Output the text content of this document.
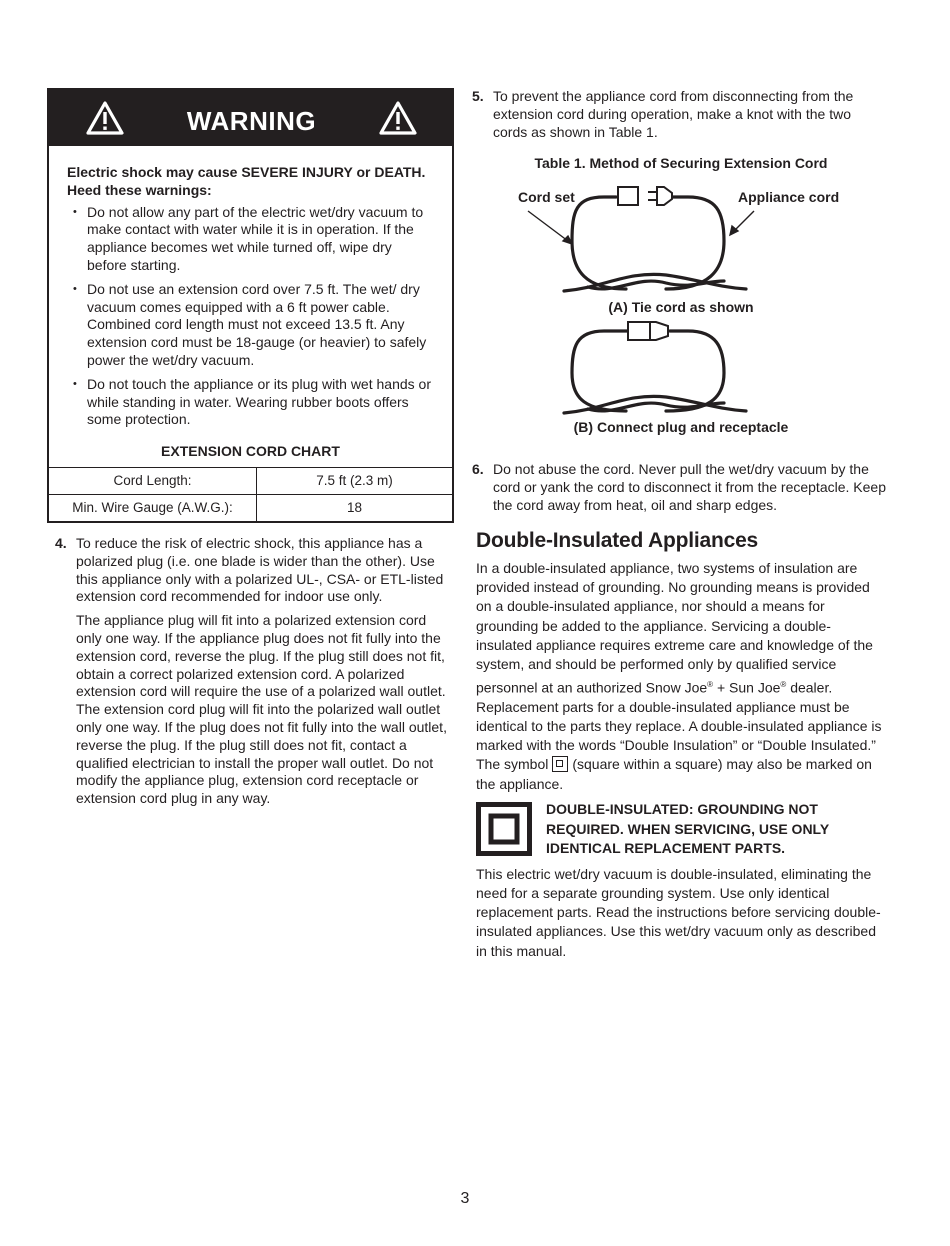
WARNING

Electric shock may cause SEVERE INJURY or DEATH. Heed these warnings:

• Do not allow any part of the electric wet/dry vacuum to make contact with water while it is in operation. If the appliance becomes wet while turned off, wipe dry before starting.
• Do not use an extension cord over 7.5 ft. The wet/ dry vacuum comes equipped with a 6 ft power cable. Combined cord length must not exceed 13.5 ft. Any extension cord must be 18-gauge (or heavier) to safely power the wet/dry vacuum.
• Do not touch the appliance or its plug with wet hands or while standing in water. Wearing rubber boots offers some protection.
EXTENSION CORD CHART
Cord Length:	7.5 ft (2.3 m)
Min. Wire Gauge (A.W.G.):	18
4. To reduce the risk of electric shock, this appliance has a polarized plug (i.e. one blade is wider than the other). Use this appliance only with a polarized UL-, CSA- or ETL-listed extension cord recommended for indoor use only.

The appliance plug will fit into a polarized extension cord only one way. If the appliance plug does not fit fully into the extension cord, reverse the plug. If the plug still does not fit, obtain a correct polarized extension cord. A polarized extension cord will require the use of a polarized wall outlet. The extension cord plug will fit into the polarized wall outlet only one way. If the plug does not fit fully into the wall outlet, reverse the plug. If the plug still does not fit, contact a qualified electrician to install the proper wall outlet. Do not modify the appliance plug, extension cord receptacle or extension cord plug in any way.

5. To prevent the appliance cord from disconnecting from the extension cord during operation, make a knot with the two cords as shown in Table 1.

Table 1. Method of Securing Extension Cord
Cord set	Appliance cord
(A) Tie cord as shown
(B) Connect plug and receptacle
6. Do not abuse the cord. Never pull the wet/dry vacuum by the cord or yank the cord to disconnect it from the receptacle. Keep the cord away from heat, oil and sharp edges.

Double-Insulated Appliances

In a double-insulated appliance, two systems of insulation are provided instead of grounding. No grounding means is provided on a double-insulated appliance, nor should a means for grounding be added to the appliance. Servicing a double-insulated appliance requires extreme care and knowledge of the system, and should be performed only by qualified service personnel at an authorized Snow Joe® + Sun Joe® dealer. Replacement parts for a double-insulated appliance must be identical to the parts they replace. A double-insulated appliance is marked with the words “Double Insulation” or “Double Insulated.” The symbol (square within a square) may also be marked on the appliance.

DOUBLE-INSULATED: GROUNDING NOT REQUIRED. WHEN SERVICING, USE ONLY IDENTICAL REPLACEMENT PARTS.

This electric wet/dry vacuum is double-insulated, eliminating the need for a separate grounding system. Use only identical replacement parts. Read the instructions before servicing double-insulated appliances. Use this wet/dry vacuum only as described in this manual.

3
